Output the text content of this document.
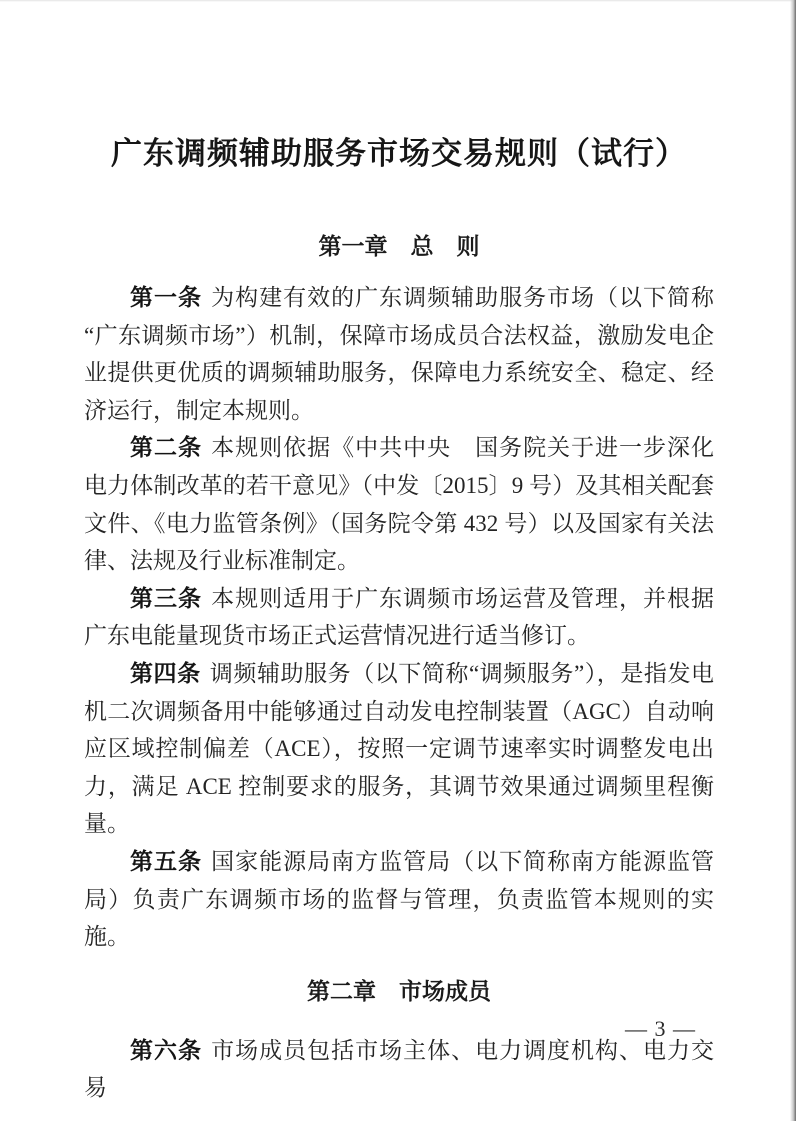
广东调频辅助服务市场交易规则（试行）
第一章　总　则

第一条 为构建有效的广东调频辅助服务市场（以下简称“广东调频市场”）机制，保障市场成员合法权益，激励发电企业提供更优质的调频辅助服务，保障电力系统安全、稳定、经济运行，制定本规则。

第二条 本规则依据《中共中央　国务院关于进一步深化电力体制改革的若干意见》（中发〔2015〕9 号）及其相关配套文件、《电力监管条例》（国务院令第 432 号）以及国家有关法律、法规及行业标准制定。

第三条 本规则适用于广东调频市场运营及管理，并根据广东电能量现货市场正式运营情况进行适当修订。

第四条 调频辅助服务（以下简称“调频服务”），是指发电机二次调频备用中能够通过自动发电控制装置（AGC）自动响应区域控制偏差（ACE），按照一定调节速率实时调整发电出力，满足 ACE 控制要求的服务，其调节效果通过调频里程衡量。

第五条 国家能源局南方监管局（以下简称南方能源监管局）负责广东调频市场的监督与管理，负责监管本规则的实施。

第二章　市场成员

第六条 市场成员包括市场主体、电力调度机构、电力交易

— 3 —
